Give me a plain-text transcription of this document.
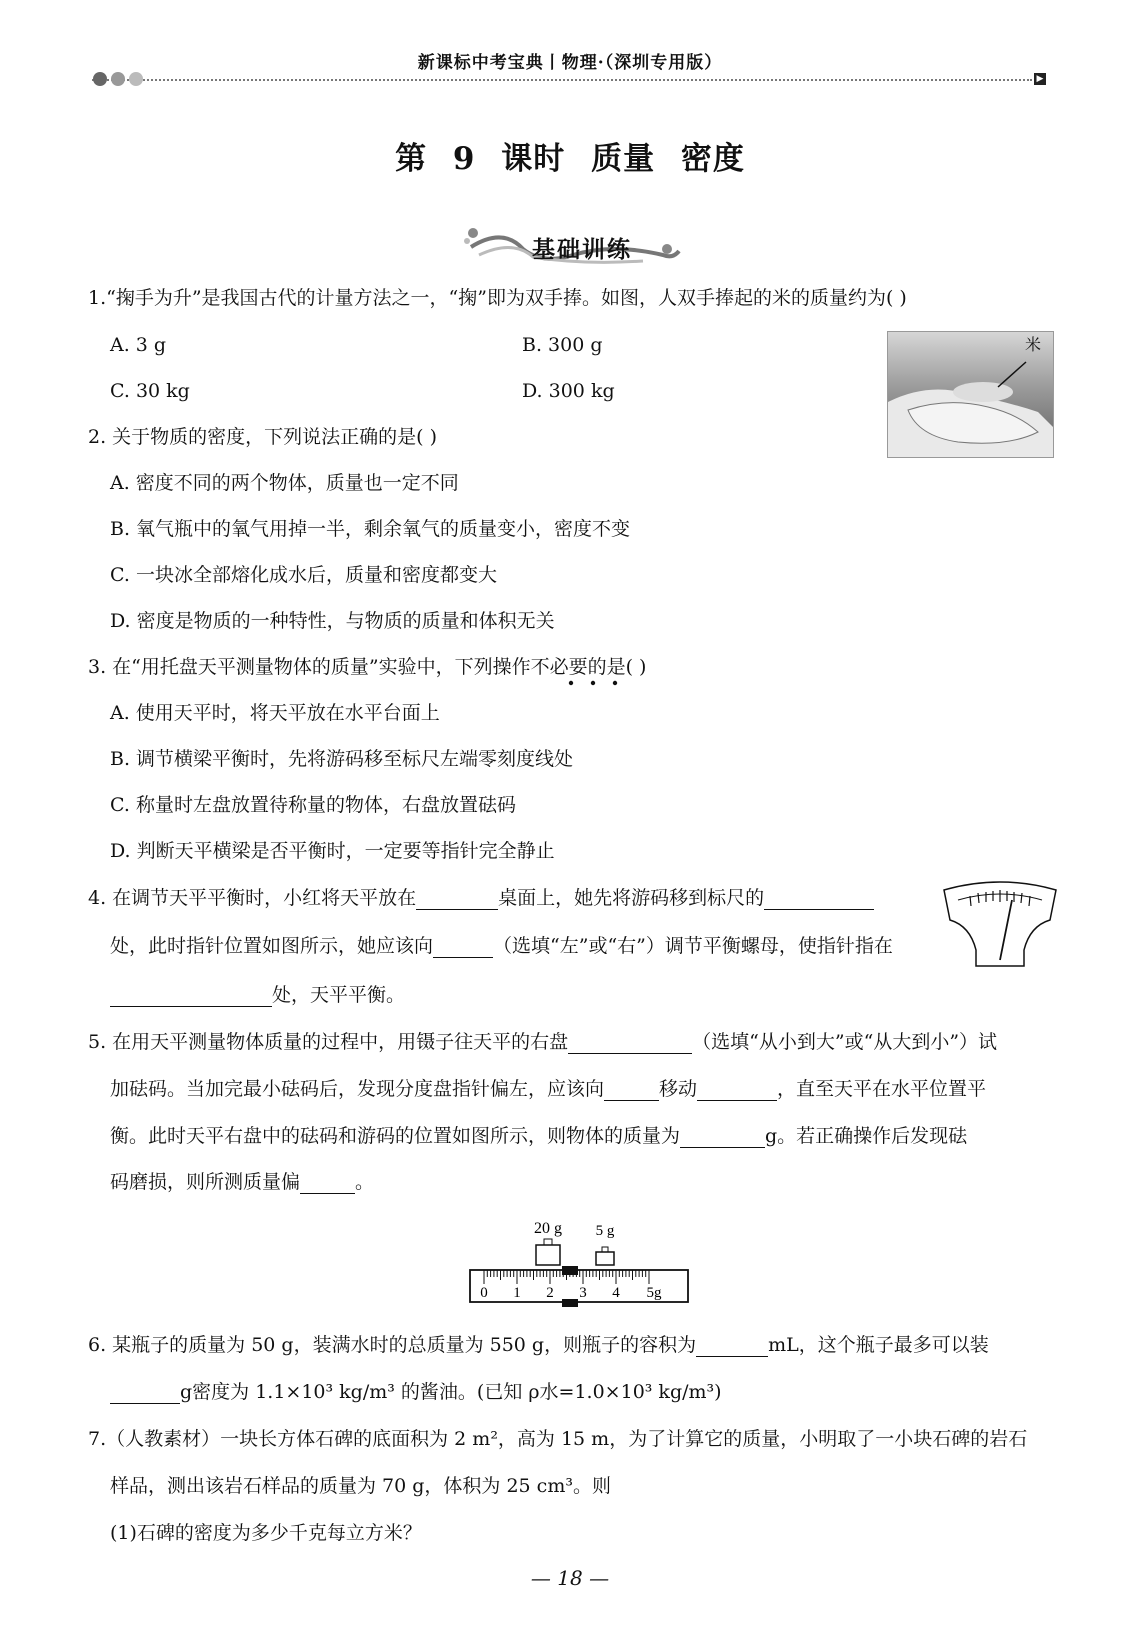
新课标中考宝典丨物理·（深圳专用版）
▶
第 9 课时 质量 密度
基础训练
1.“掬手为升”是我国古代的计量方法之一，“掬”即为双手捧。如图，人双手捧起的米的质量约为( )
A. 3 g	B. 300 g
C. 30 kg	D. 300 kg
米
2. 关于物质的密度，下列说法正确的是( )
A. 密度不同的两个物体，质量也一定不同
B. 氧气瓶中的氧气用掉一半，剩余氧气的质量变小，密度不变
C. 一块冰全部熔化成水后，质量和密度都变大
D. 密度是物质的一种特性，与物质的质量和体积无关
3. 在“用托盘天平测量物体的质量”实验中，下列操作不必要的是( )
A. 使用天平时，将天平放在水平台面上
B. 调节横梁平衡时，先将游码移至标尺左端零刻度线处
C. 称量时左盘放置待称量的物体，右盘放置砝码
D. 判断天平横梁是否平衡时，一定要等指针完全静止
4. 在调节天平平衡时，小红将天平放在	桌面上，她先将游码移到标尺的
处，此时指针位置如图所示，她应该向	（选填“左”或“右”）调节平衡螺母，使指针指在
处，天平平衡。
5. 在用天平测量物体质量的过程中，用镊子往天平的右盘	（选填“从小到大”或“从大到小”）试
加砝码。当加完最小砝码后，发现分度盘指针偏左，应该向	移动	，直至天平在水平位置平
衡。此时天平右盘中的砝码和游码的位置如图所示，则物体的质量为	g。若正确操作后发现砝
码磨损，则所测质量偏	。
20 g 5 g
0 1 2 3 4 5g
6. 某瓶子的质量为 50 g，装满水时的总质量为 550 g，则瓶子的容积为	mL，这个瓶子最多可以装
g密度为 1.1×10³ kg/m³ 的酱油。(已知 ρ水=1.0×10³ kg/m³)
7.（人教素材）一块长方体石碑的底面积为 2 m²，高为 15 m，为了计算它的质量，小明取了一小块石碑的岩石
样品，测出该岩石样品的质量为 70 g，体积为 25 cm³。则
(1)石碑的密度为多少千克每立方米？
— 18 —
